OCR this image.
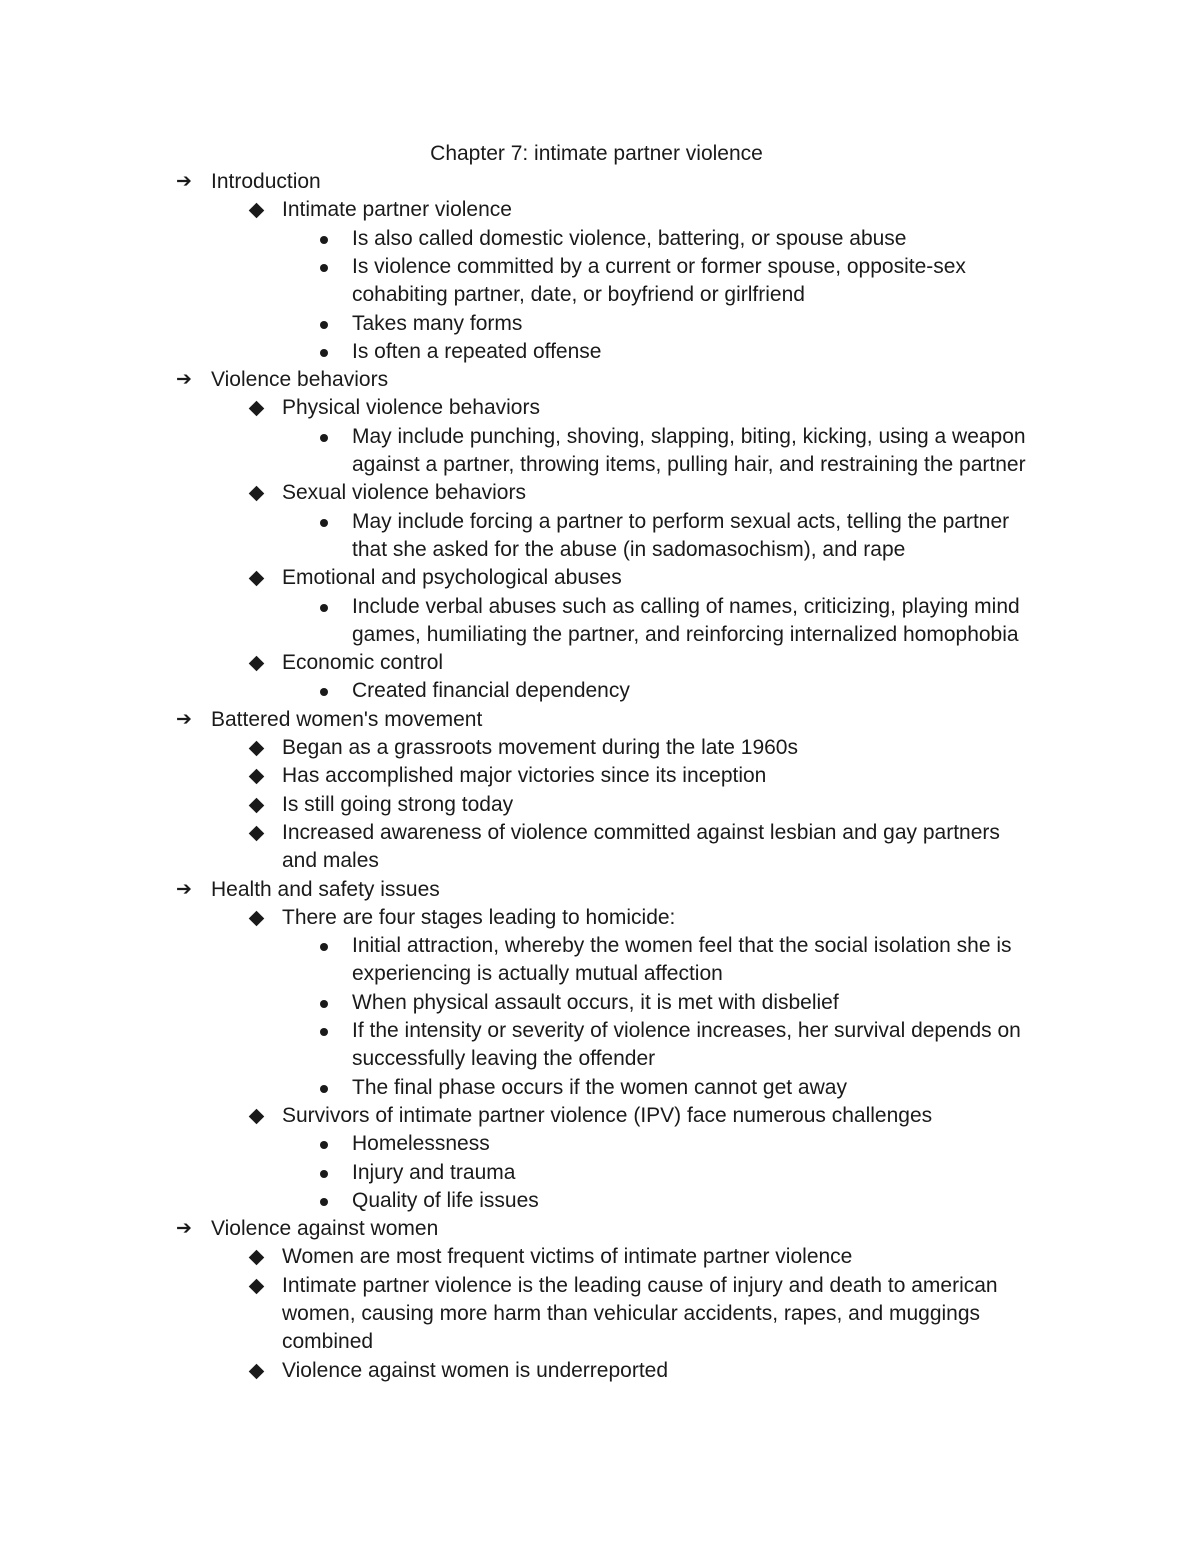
Chapter 7: intimate partner violence
➔ Introduction
Intimate partner violence
Is also called domestic violence, battering, or spouse abuse
Is violence committed by a current or former spouse, opposite-sex
cohabiting partner, date, or boyfriend or girlfriend
Takes many forms
Is often a repeated offense
➔ Violence behaviors
Physical violence behaviors
May include punching, shoving, slapping, biting, kicking, using a weapon
against a partner, throwing items, pulling hair, and restraining the partner
Sexual violence behaviors
May include forcing a partner to perform sexual acts, telling the partner
that she asked for the abuse (in sadomasochism), and rape
Emotional and psychological abuses
Include verbal abuses such as calling of names, criticizing, playing mind
games, humiliating the partner, and reinforcing internalized homophobia
Economic control
Created financial dependency
➔ Battered women's movement
Began as a grassroots movement during the late 1960s
Has accomplished major victories since its inception
Is still going strong today
Increased awareness of violence committed against lesbian and gay partners
and males
➔ Health and safety issues
There are four stages leading to homicide:
Initial attraction, whereby the women feel that the social isolation she is
experiencing is actually mutual affection
When physical assault occurs, it is met with disbelief
If the intensity or severity of violence increases, her survival depends on
successfully leaving the offender
The final phase occurs if the women cannot get away
Survivors of intimate partner violence (IPV) face numerous challenges
Homelessness
Injury and trauma
Quality of life issues
➔ Violence against women
Women are most frequent victims of intimate partner violence
Intimate partner violence is the leading cause of injury and death to american
women, causing more harm than vehicular accidents, rapes, and muggings
combined
Violence against women is underreported
